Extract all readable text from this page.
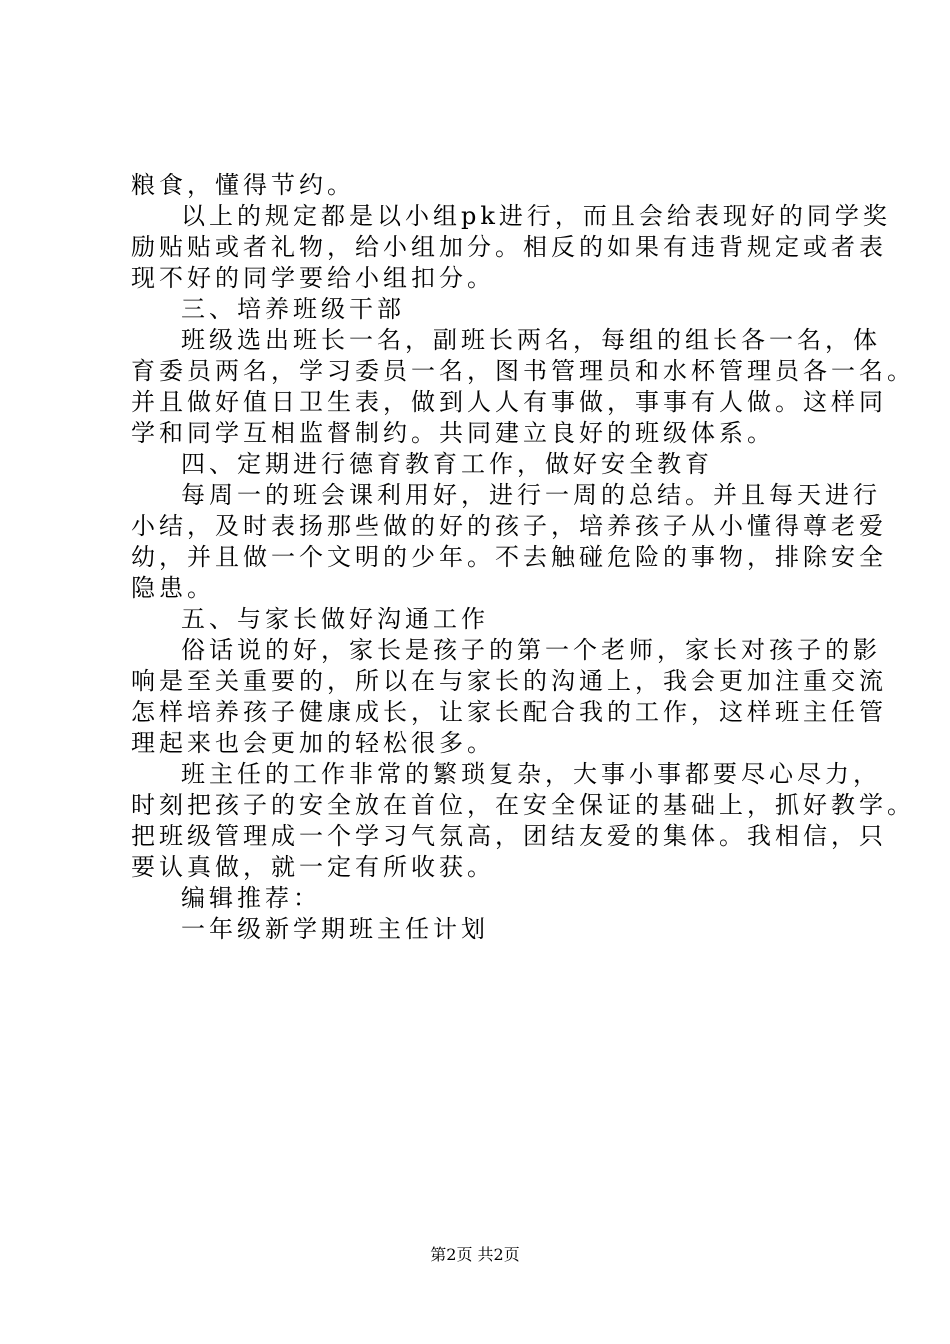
粮食，懂得节约。
以上的规定都是以小组pk进行，而且会给表现好的同学奖
励贴贴或者礼物，给小组加分。相反的如果有违背规定或者表
现不好的同学要给小组扣分。
三、培养班级干部
班级选出班长一名，副班长两名，每组的组长各一名，体
育委员两名，学习委员一名，图书管理员和水杯管理员各一名。
并且做好值日卫生表，做到人人有事做，事事有人做。这样同
学和同学互相监督制约。共同建立良好的班级体系。
四、定期进行德育教育工作，做好安全教育
每周一的班会课利用好，进行一周的总结。并且每天进行
小结，及时表扬那些做的好的孩子，培养孩子从小懂得尊老爱
幼，并且做一个文明的少年。不去触碰危险的事物，排除安全
隐患。
五、与家长做好沟通工作
俗话说的好，家长是孩子的第一个老师，家长对孩子的影
响是至关重要的，所以在与家长的沟通上，我会更加注重交流
怎样培养孩子健康成长，让家长配合我的工作，这样班主任管
理起来也会更加的轻松很多。
班主任的工作非常的繁琐复杂，大事小事都要尽心尽力，
时刻把孩子的安全放在首位，在安全保证的基础上，抓好教学。
把班级管理成一个学习气氛高，团结友爱的集体。我相信，只
要认真做，就一定有所收获。
编辑推荐：
一年级新学期班主任计划
第2页 共2页
